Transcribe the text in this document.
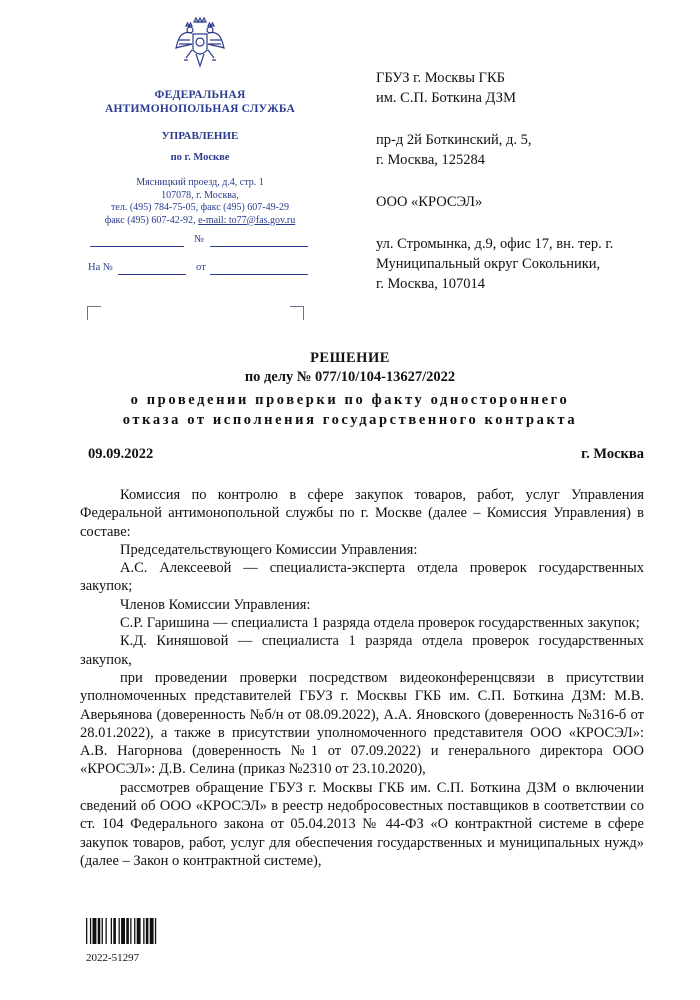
ФЕДЕРАЛЬНАЯ
АНТИМОНОПОЛЬНАЯ СЛУЖБА
УПРАВЛЕНИЕ
по г. Москве
Мясницкий проезд, д.4, стр. 1
107078, г. Москва,
тел. (495) 784-75-05, факс (495) 607-49-29
факс (495) 607-42-92, e-mail: to77@fas.gov.ru
№
На №	от
ГБУЗ г. Москвы ГКБ
им. С.П. Боткина ДЗМ
пр-д 2й Боткинский, д. 5,
г. Москва, 125284
ООО «КРОСЭЛ»
ул. Стромынка, д.9, офис 17, вн. тер. г.
Муниципальный округ Сокольники,
г. Москва, 107014
РЕШЕНИЕ
по делу № 077/10/104-13627/2022
о проведении проверки по факту одностороннего
отказа от исполнения государственного контракта
09.09.2022	г. Москва

Комиссия по контролю в сфере закупок товаров, работ, услуг Управления Федеральной антимонопольной службы по г. Москве (далее – Комиссия Управления) в составе:

Председательствующего Комиссии Управления:

А.С. Алексеевой — специалиста-эксперта отдела проверок государственных закупок;

Членов Комиссии Управления:

С.Р. Гаришина — специалиста 1 разряда отдела проверок государственных закупок;

К.Д. Киняшовой — специалиста 1 разряда отдела проверок государственных закупок,

при проведении проверки посредством видеоконференцсвязи в присутствии уполномоченных представителей ГБУЗ г. Москвы ГКБ им. С.П. Боткина ДЗМ: М.В. Аверьянова (доверенность №б/н от 08.09.2022), А.А. Яновского (доверенность №316-б от 28.01.2022), а также в присутствии уполномоченного представителя ООО «КРОСЭЛ»: А.В. Нагорнова (доверенность №1 от 07.09.2022) и генерального директора ООО «КРОСЭЛ»: Д.В. Селина (приказ №2310 от 23.10.2020),

рассмотрев обращение ГБУЗ г. Москвы ГКБ им. С.П. Боткина ДЗМ о включении сведений об ООО «КРОСЭЛ» в реестр недобросовестных поставщиков в соответствии со ст. 104 Федерального закона от 05.04.2013 № 44-ФЗ «О контрактной системе в сфере закупок товаров, работ, услуг для обеспечения государственных и муниципальных нужд» (далее – Закон о контрактной системе),

2022-51297
